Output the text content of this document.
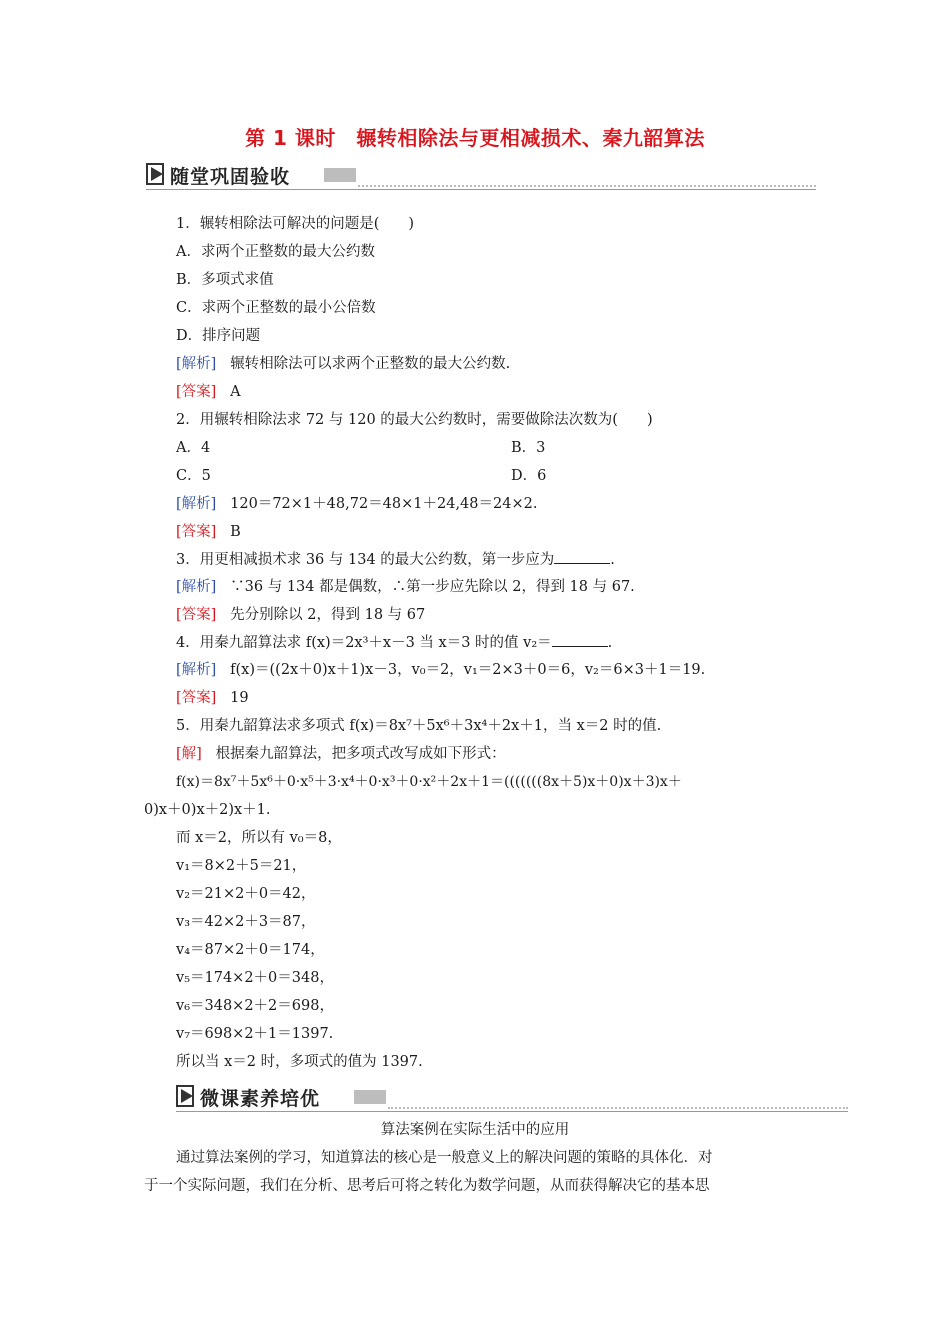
第 1 课时　辗转相除法与更相减损术、秦九韶算法
随堂巩固验收
1．辗转相除法可解决的问题是(　　)
A．求两个正整数的最大公约数
B．多项式求值
C．求两个正整数的最小公倍数
D．排序问题
[解析] 辗转相除法可以求两个正整数的最大公约数.
[答案] A
2．用辗转相除法求 72 与 120 的最大公约数时，需要做除法次数为(　　)
A．4	B．3
C．5	D．6
[解析] 120＝72×1＋48,72＝48×1＋24,48＝24×2.
[答案] B
3．用更相减损术求 36 与 134 的最大公约数，第一步应为	.
[解析] ∵36 与 134 都是偶数，∴第一步应先除以 2，得到 18 与 67.
[答案] 先分别除以 2，得到 18 与 67
4．用秦九韶算法求 f(x)＝2x³＋x－3 当 x＝3 时的值 v₂＝	.
[解析] f(x)＝((2x＋0)x＋1)x－3，v₀＝2，v₁＝2×3＋0＝6，v₂＝6×3＋1＝19.
[答案] 19
5．用秦九韶算法求多项式 f(x)＝8x⁷＋5x⁶＋3x⁴＋2x＋1，当 x＝2 时的值.
[解] 根据秦九韶算法，把多项式改写成如下形式：
f(x)＝8x⁷＋5x⁶＋0·x⁵＋3·x⁴＋0·x³＋0·x²＋2x＋1＝(((((((8x＋5)x＋0)x＋3)x＋
0)x＋0)x＋2)x＋1.
而 x＝2，所以有 v₀＝8，
v₁＝8×2＋5＝21，
v₂＝21×2＋0＝42，
v₃＝42×2＋3＝87，
v₄＝87×2＋0＝174，
v₅＝174×2＋0＝348，
v₆＝348×2＋2＝698，
v₇＝698×2＋1＝1397.
所以当 x＝2 时，多项式的值为 1397.
微课素养培优
算法案例在实际生活中的应用
通过算法案例的学习，知道算法的核心是一般意义上的解决问题的策略的具体化．对
于一个实际问题，我们在分析、思考后可将之转化为数学问题，从而获得解决它的基本思
